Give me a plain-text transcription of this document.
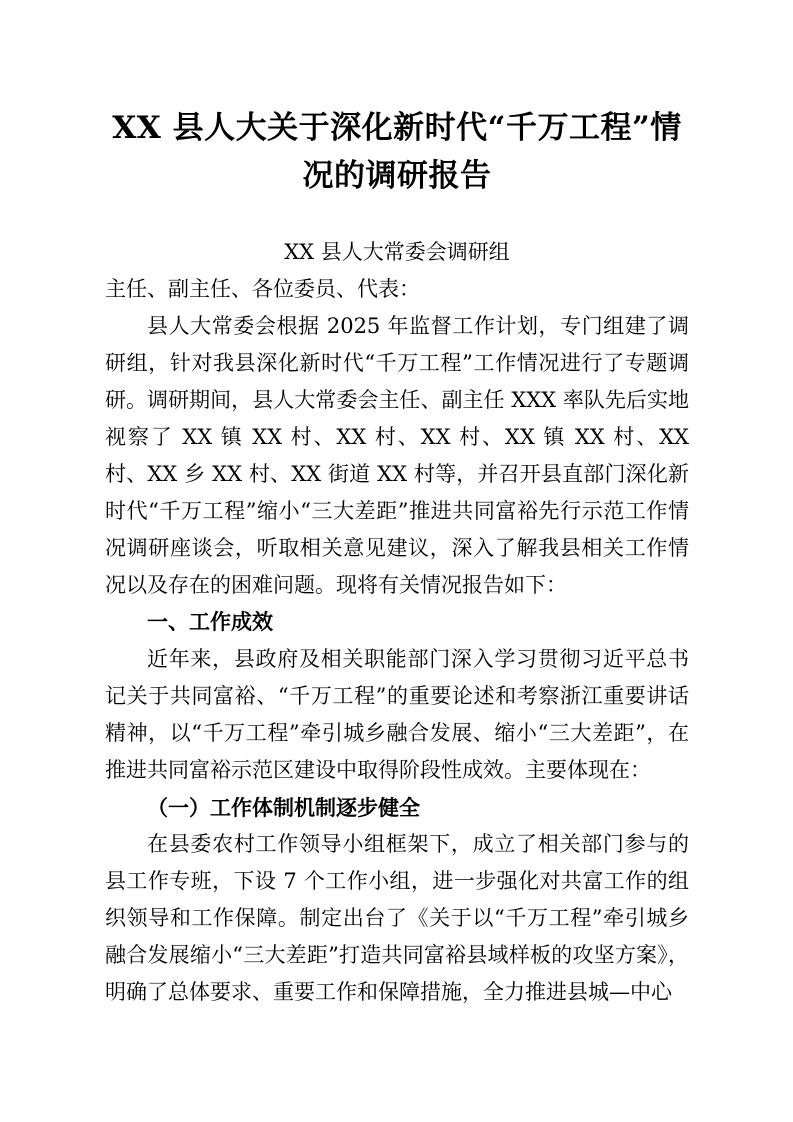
XX 县人大关于深化新时代“千万工程”情况的调研报告
XX 县人大常委会调研组
主任、副主任、各位委员、代表：

县人大常委会根据 2025 年监督工作计划，专门组建了调研组，针对我县深化新时代“千万工程”工作情况进行了专题调研。调研期间，县人大常委会主任、副主任 XXX 率队先后实地视察了 XX 镇 XX 村、XX 村、XX 村、XX 镇 XX 村、XX 村、XX 乡 XX 村、XX 街道 XX 村等，并召开县直部门深化新时代“千万工程”缩小“三大差距”推进共同富裕先行示范工作情况调研座谈会，听取相关意见建议，深入了解我县相关工作情况以及存在的困难问题。现将有关情况报告如下：

一、工作成效

近年来，县政府及相关职能部门深入学习贯彻习近平总书记关于共同富裕、“千万工程”的重要论述和考察浙江重要讲话精神，以“千万工程”牵引城乡融合发展、缩小“三大差距”，在推进共同富裕示范区建设中取得阶段性成效。主要体现在：

（一）工作体制机制逐步健全

在县委农村工作领导小组框架下，成立了相关部门参与的县工作专班，下设 7 个工作小组，进一步强化对共富工作的组织领导和工作保障。制定出台了《关于以“千万工程”牵引城乡融合发展缩小“三大差距”打造共同富裕县域样板的攻坚方案》，明确了总体要求、重要工作和保障措施，全力推进县城—中心
